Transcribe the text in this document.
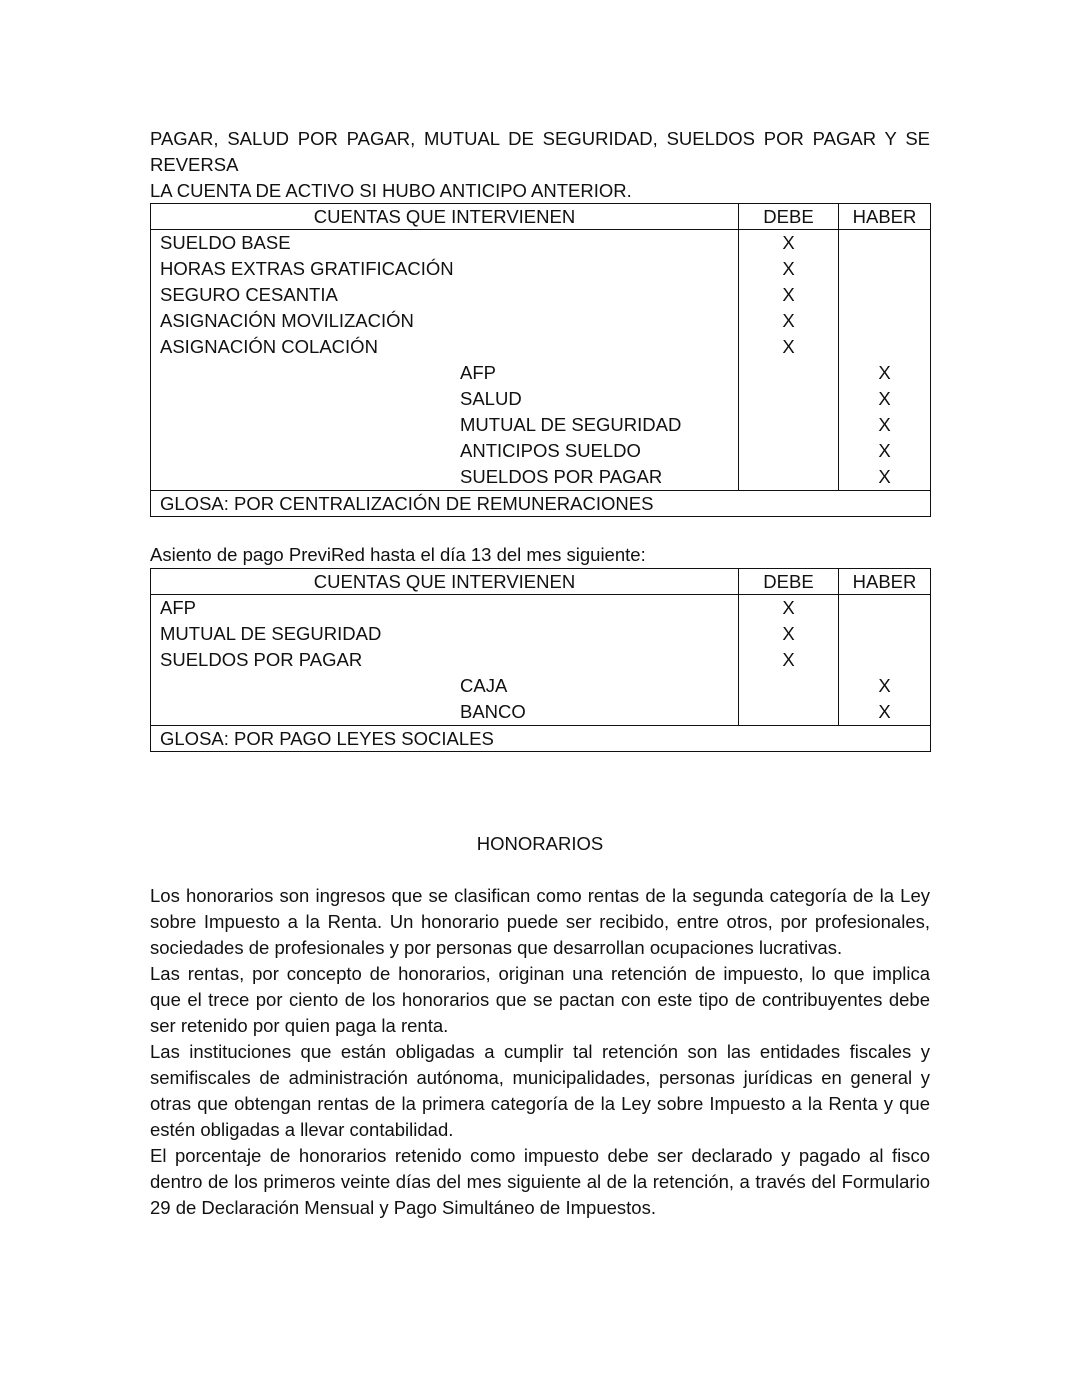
PAGAR, SALUD POR PAGAR, MUTUAL DE SEGURIDAD, SUELDOS POR PAGAR Y SE REVERSA

LA CUENTA DE ACTIVO SI HUBO ANTICIPO ANTERIOR.

CUENTAS QUE INTERVIENEN	DEBE	HABER
SUELDO BASE	X	
HORAS EXTRAS GRATIFICACIÓN	X	
SEGURO CESANTIA	X	
ASIGNACIÓN MOVILIZACIÓN	X	
ASIGNACIÓN COLACIÓN	X	
AFP		X
SALUD		X
MUTUAL DE SEGURIDAD		X
ANTICIPOS SUELDO		X
SUELDOS POR PAGAR		X
GLOSA: POR CENTRALIZACIÓN DE REMUNERACIONES		

Asiento de pago PreviRed hasta el día 13 del mes siguiente:

CUENTAS QUE INTERVIENEN	DEBE	HABER
AFP	X	
MUTUAL DE SEGURIDAD	X	
SUELDOS POR PAGAR	X	
CAJA		X
BANCO		X
GLOSA: POR PAGO LEYES SOCIALES		

HONORARIOS

Los honorarios son ingresos que se clasifican como rentas de la segunda categoría de la Ley sobre Impuesto a la Renta. Un honorario puede ser recibido, entre otros, por profesionales, sociedades de profesionales y por personas que desarrollan ocupaciones lucrativas.

Las rentas, por concepto de honorarios, originan una retención de impuesto, lo que implica que el trece por ciento de los honorarios que se pactan con este tipo de contribuyentes debe ser retenido por quien paga la renta.

Las instituciones que están obligadas a cumplir tal retención son las entidades fiscales y semifiscales de administración autónoma, municipalidades, personas jurídicas en general y otras que obtengan rentas de la primera categoría de la Ley sobre Impuesto a la Renta y que estén obligadas a llevar contabilidad.

El porcentaje de honorarios retenido como impuesto debe ser declarado y pagado al fisco dentro de los primeros veinte días del mes siguiente al de la retención, a través del Formulario 29 de Declaración Mensual y Pago Simultáneo de Impuestos.
